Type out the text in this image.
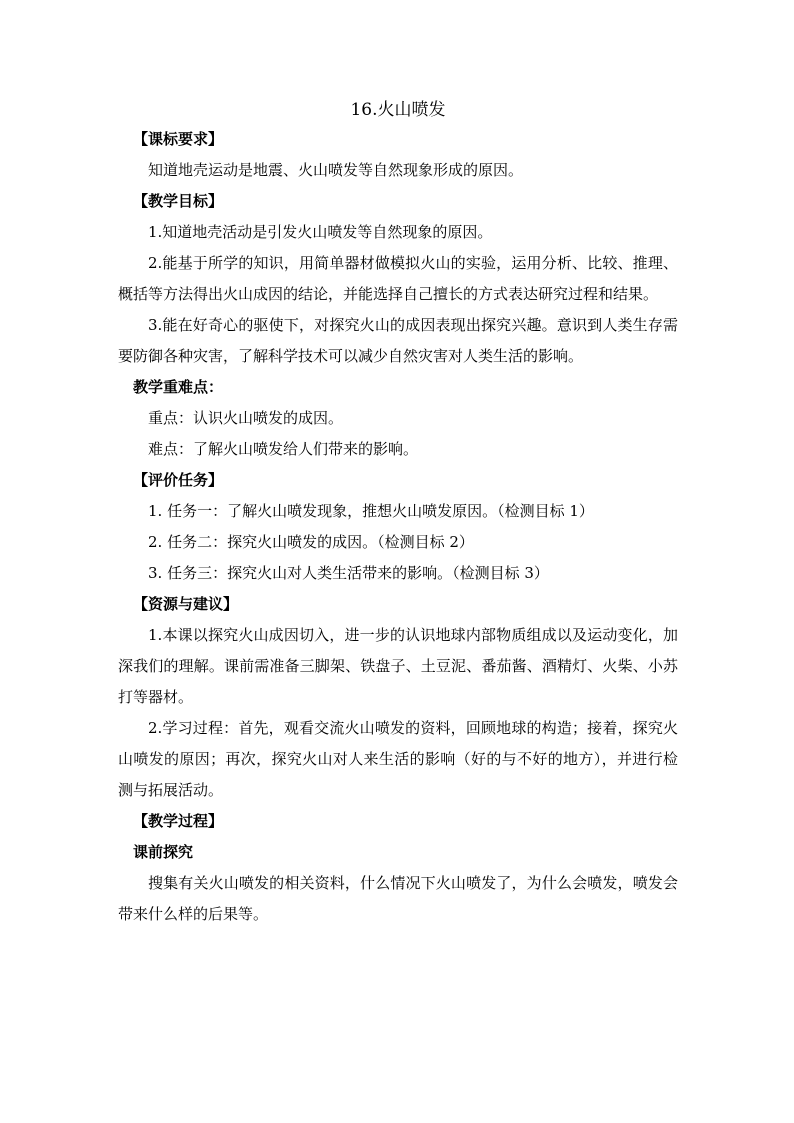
16.火山喷发

【课标要求】

知道地壳运动是地震、火山喷发等自然现象形成的原因。

【教学目标】

1.知道地壳活动是引发火山喷发等自然现象的原因。

2.能基于所学的知识，用简单器材做模拟火山的实验，运用分析、比较、推理、概括等方法得出火山成因的结论，并能选择自己擅长的方式表达研究过程和结果。

3.能在好奇心的驱使下，对探究火山的成因表现出探究兴趣。意识到人类生存需要防御各种灾害，了解科学技术可以减少自然灾害对人类生活的影响。

教学重难点：

重点：认识火山喷发的成因。

难点：了解火山喷发给人们带来的影响。

【评价任务】

1. 任务一：了解火山喷发现象，推想火山喷发原因。（检测目标 1）

2. 任务二：探究火山喷发的成因。（检测目标 2）

3. 任务三：探究火山对人类生活带来的影响。（检测目标 3）

【资源与建议】

1.本课以探究火山成因切入，进一步的认识地球内部物质组成以及运动变化，加深我们的理解。课前需准备三脚架、铁盘子、土豆泥、番茄酱、酒精灯、火柴、小苏打等器材。

2.学习过程：首先，观看交流火山喷发的资料，回顾地球的构造；接着，探究火山喷发的原因；再次，探究火山对人来生活的影响（好的与不好的地方），并进行检测与拓展活动。

【教学过程】

课前探究

搜集有关火山喷发的相关资料，什么情况下火山喷发了，为什么会喷发，喷发会带来什么样的后果等。
